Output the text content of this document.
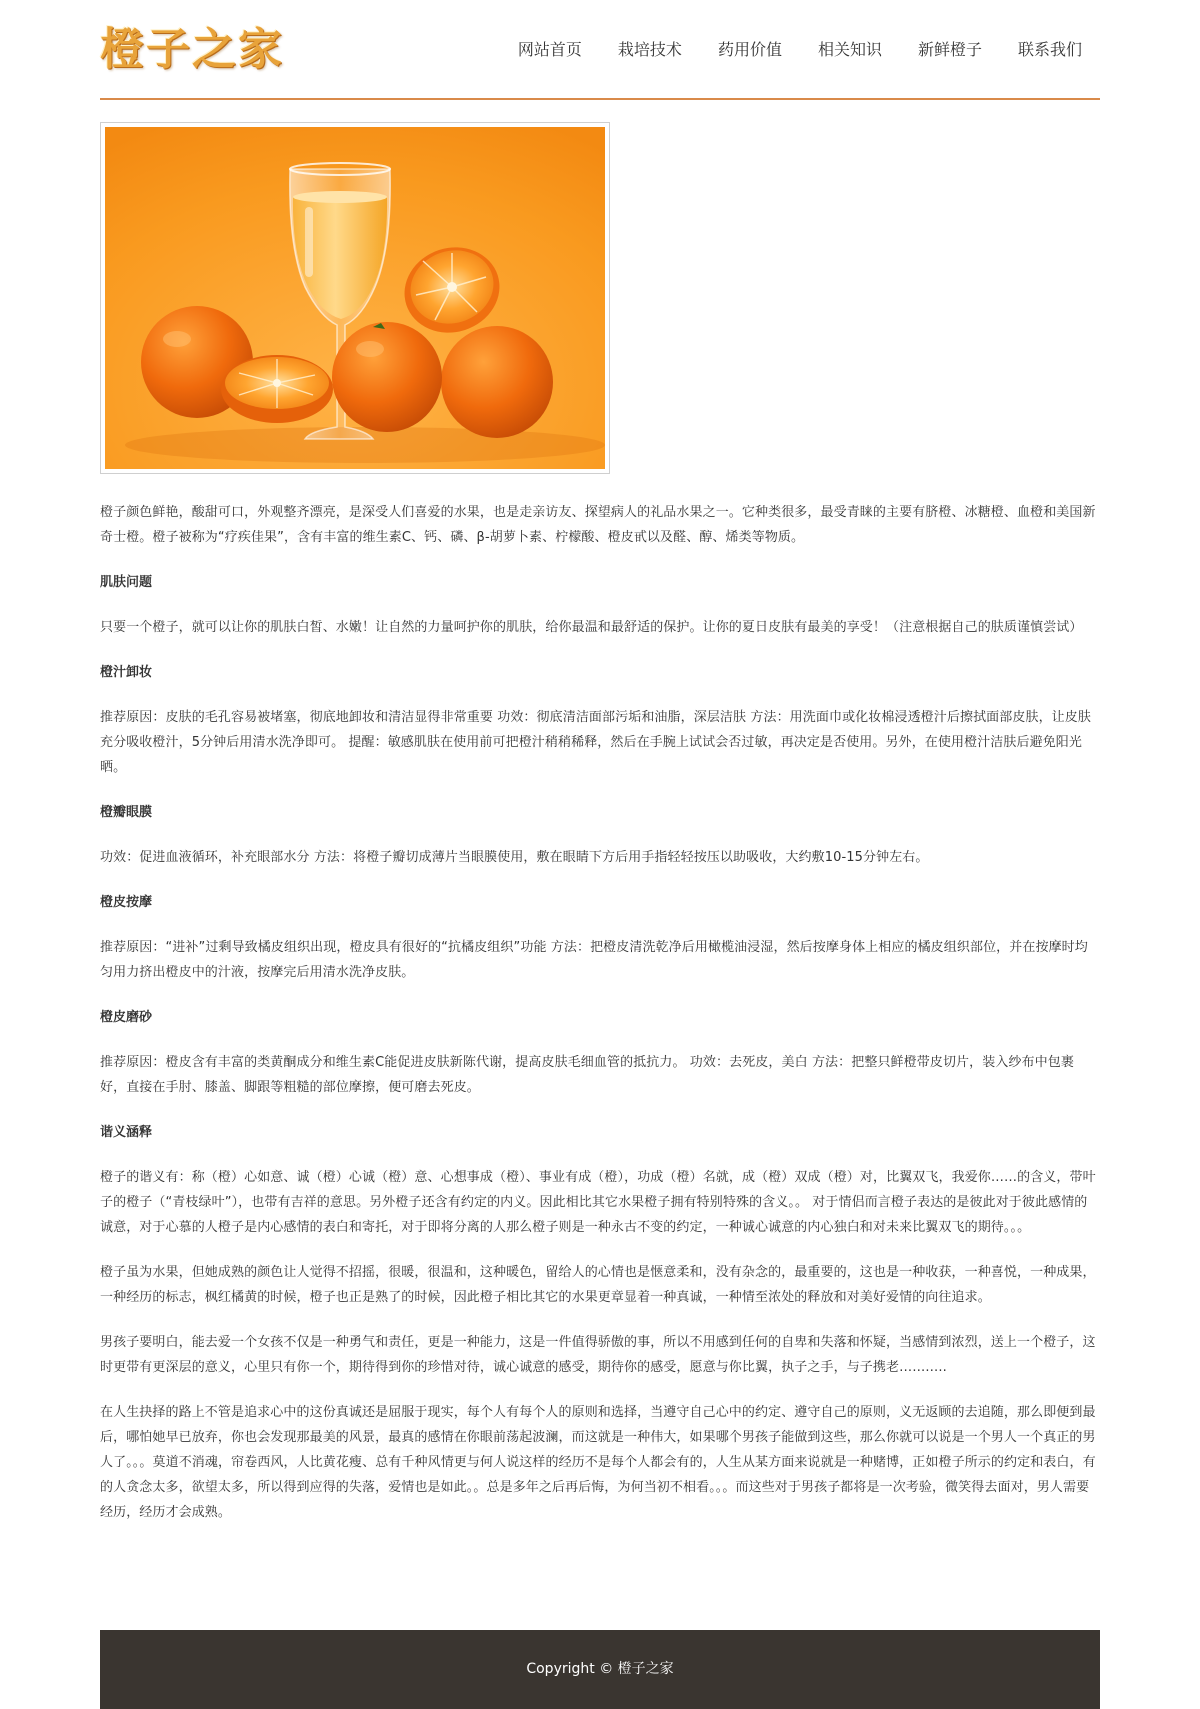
橙子之家	网站首页 栽培技术 药用价值 相关知识 新鲜橙子 联系我们

橙子颜色鲜艳，酸甜可口，外观整齐漂亮，是深受人们喜爱的水果，也是走亲访友、探望病人的礼品水果之一。它种类很多，最受青睐的主要有脐橙、冰糖橙、血橙和美国新奇士橙。橙子被称为“疗疾佳果”，含有丰富的维生素C、钙、磷、β-胡萝卜素、柠檬酸、橙皮甙以及醛、醇、烯类等物质。

肌肤问题

只要一个橙子，就可以让你的肌肤白皙、水嫩！让自然的力量呵护你的肌肤，给你最温和最舒适的保护。让你的夏日皮肤有最美的享受！（注意根据自己的肤质谨慎尝试）

橙汁卸妆

推荐原因：皮肤的毛孔容易被堵塞，彻底地卸妆和清洁显得非常重要 功效：彻底清洁面部污垢和油脂，深层洁肤 方法：用洗面巾或化妆棉浸透橙汁后擦拭面部皮肤，让皮肤充分吸收橙汁，5分钟后用清水洗净即可。 提醒：敏感肌肤在使用前可把橙汁稍稍稀释，然后在手腕上试试会否过敏，再决定是否使用。另外，在使用橙汁洁肤后避免阳光晒。

橙瓣眼膜

功效：促进血液循环，补充眼部水分 方法：将橙子瓣切成薄片当眼膜使用，敷在眼睛下方后用手指轻轻按压以助吸收，大约敷10-15分钟左右。

橙皮按摩

推荐原因：“进补”过剩导致橘皮组织出现，橙皮具有很好的“抗橘皮组织”功能 方法：把橙皮清洗乾净后用橄榄油浸湿，然后按摩身体上相应的橘皮组织部位，并在按摩时均匀用力挤出橙皮中的汁液，按摩完后用清水洗净皮肤。

橙皮磨砂

推荐原因：橙皮含有丰富的类黄酮成分和维生素C能促进皮肤新陈代谢，提高皮肤毛细血管的抵抗力。 功效：去死皮，美白 方法：把整只鲜橙带皮切片，装入纱布中包裹好，直接在手肘、膝盖、脚跟等粗糙的部位摩擦，便可磨去死皮。

谐义涵释

橙子的谐义有：称（橙）心如意、诚（橙）心诚（橙）意、心想事成（橙）、事业有成（橙），功成（橙）名就，成（橙）双成（橙）对，比翼双飞，我爱你……的含义，带叶子的橙子（“青枝绿叶”），也带有吉祥的意思。另外橙子还含有约定的内义。因此相比其它水果橙子拥有特别特殊的含义。。 对于情侣而言橙子表达的是彼此对于彼此感情的诚意，对于心慕的人橙子是内心感情的表白和寄托，对于即将分离的人那么橙子则是一种永古不变的约定，一种诚心诚意的内心独白和对未来比翼双飞的期待。。。

橙子虽为水果，但她成熟的颜色让人觉得不招摇，很暖，很温和，这种暖色，留给人的心情也是惬意柔和，没有杂念的，最重要的，这也是一种收获，一种喜悦，一种成果，一种经历的标志，枫红橘黄的时候，橙子也正是熟了的时候，因此橙子相比其它的水果更章显着一种真诚，一种情至浓处的释放和对美好爱情的向往追求。

男孩子要明白，能去爱一个女孩不仅是一种勇气和责任，更是一种能力，这是一件值得骄傲的事，所以不用感到任何的自卑和失落和怀疑，当感情到浓烈，送上一个橙子，这时更带有更深层的意义，心里只有你一个，期待得到你的珍惜对待，诚心诚意的感受，期待你的感受，愿意与你比翼，执子之手，与子携老………..

在人生抉择的路上不管是追求心中的这份真诚还是屈服于现实，每个人有每个人的原则和选择，当遵守自己心中的约定、遵守自己的原则，义无返顾的去追随，那么即便到最后，哪怕她早已放弃，你也会发现那最美的风景，最真的感情在你眼前荡起波澜，而这就是一种伟大，如果哪个男孩子能做到这些，那么你就可以说是一个男人一个真正的男人了。。。莫道不消魂，帘卷西风，人比黄花瘦、总有千种风情更与何人说这样的经历不是每个人都会有的，人生从某方面来说就是一种赌博，正如橙子所示的约定和表白，有的人贪念太多，欲望太多，所以得到应得的失落，爱情也是如此。。总是多年之后再后悔，为何当初不相看。。。而这些对于男孩子都将是一次考验，微笑得去面对，男人需要经历，经历才会成熟。

Copyright © 橙子之家
